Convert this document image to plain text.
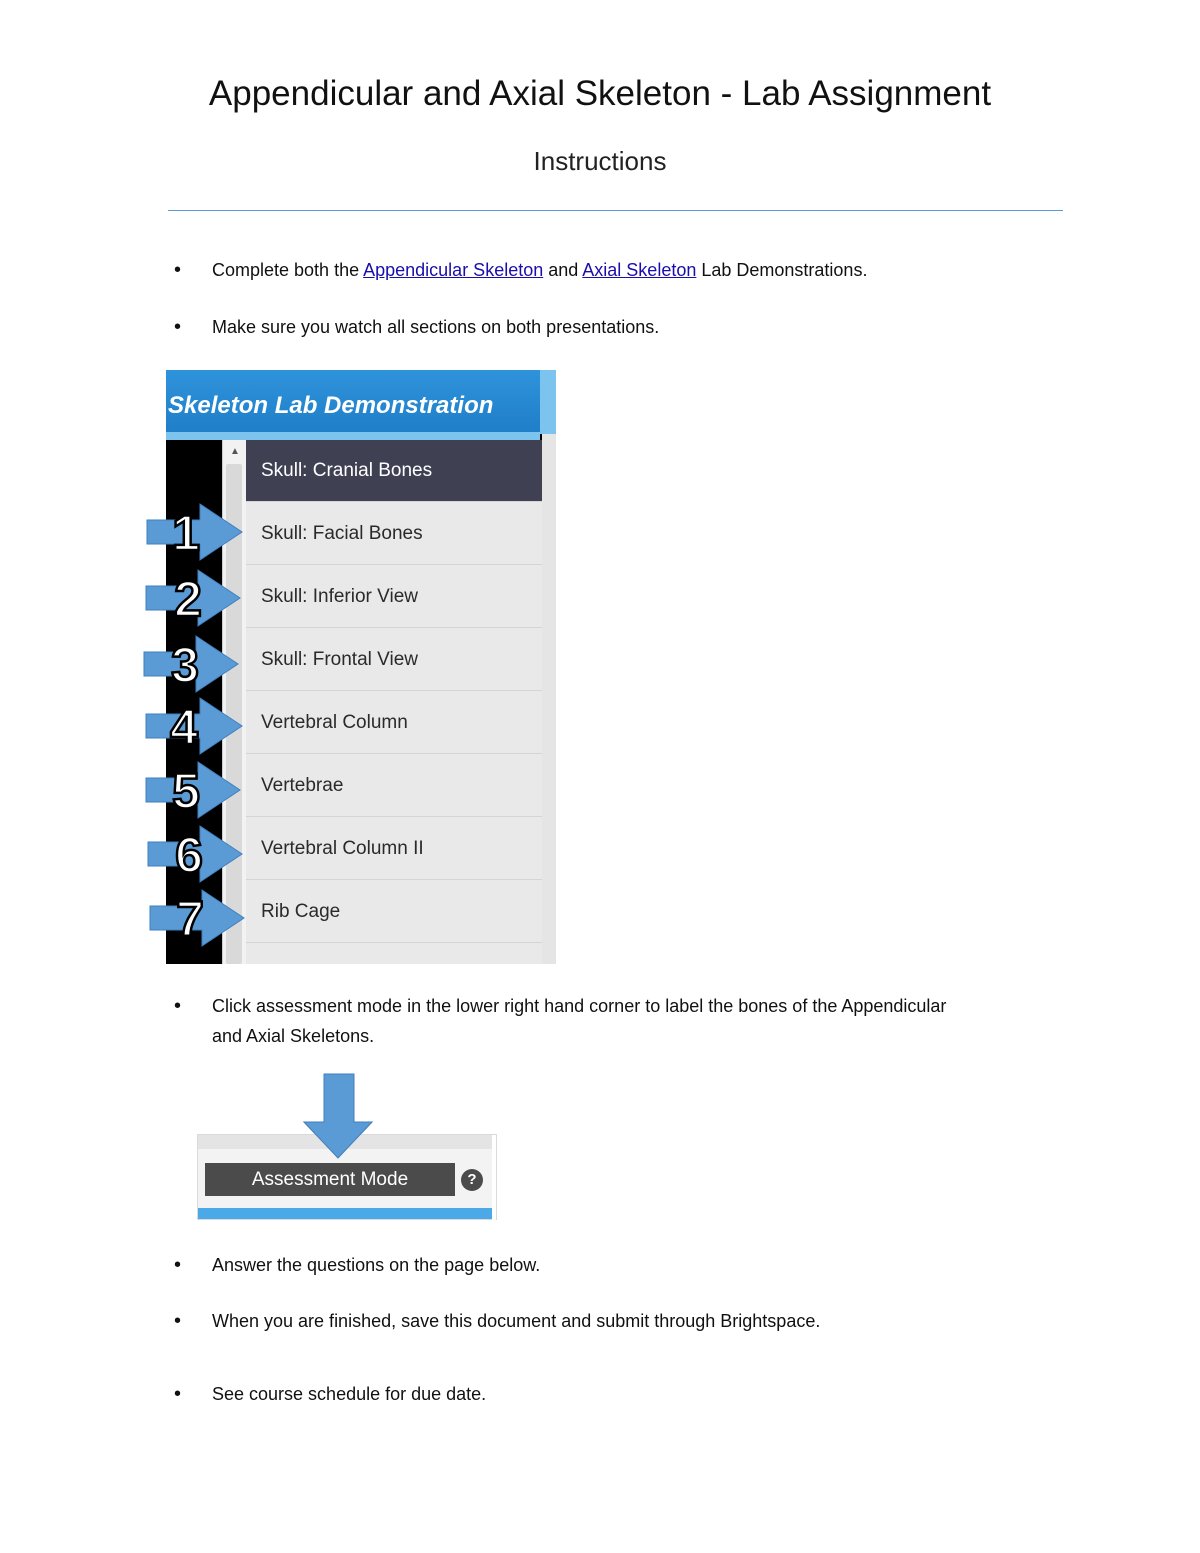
Appendicular and Axial Skeleton - Lab Assignment
Instructions
• Complete both the Appendicular Skeleton and Axial Skeleton Lab Demonstrations.
• Make sure you watch all sections on both presentations.
Skeleton Lab Demonstration
▲
Skull: Cranial Bones
Skull: Facial Bones
Skull: Inferior View
Skull: Frontal View
Vertebral Column
Vertebrae
Vertebral Column II
Rib Cage
1
2
3
4
5
6
7
• Click assessment mode in the lower right hand corner to label the bones of the Appendicular
and Axial Skeletons.
Assessment Mode	?
• Answer the questions on the page below.
• When you are finished, save this document and submit through Brightspace.
• See course schedule for due date.
